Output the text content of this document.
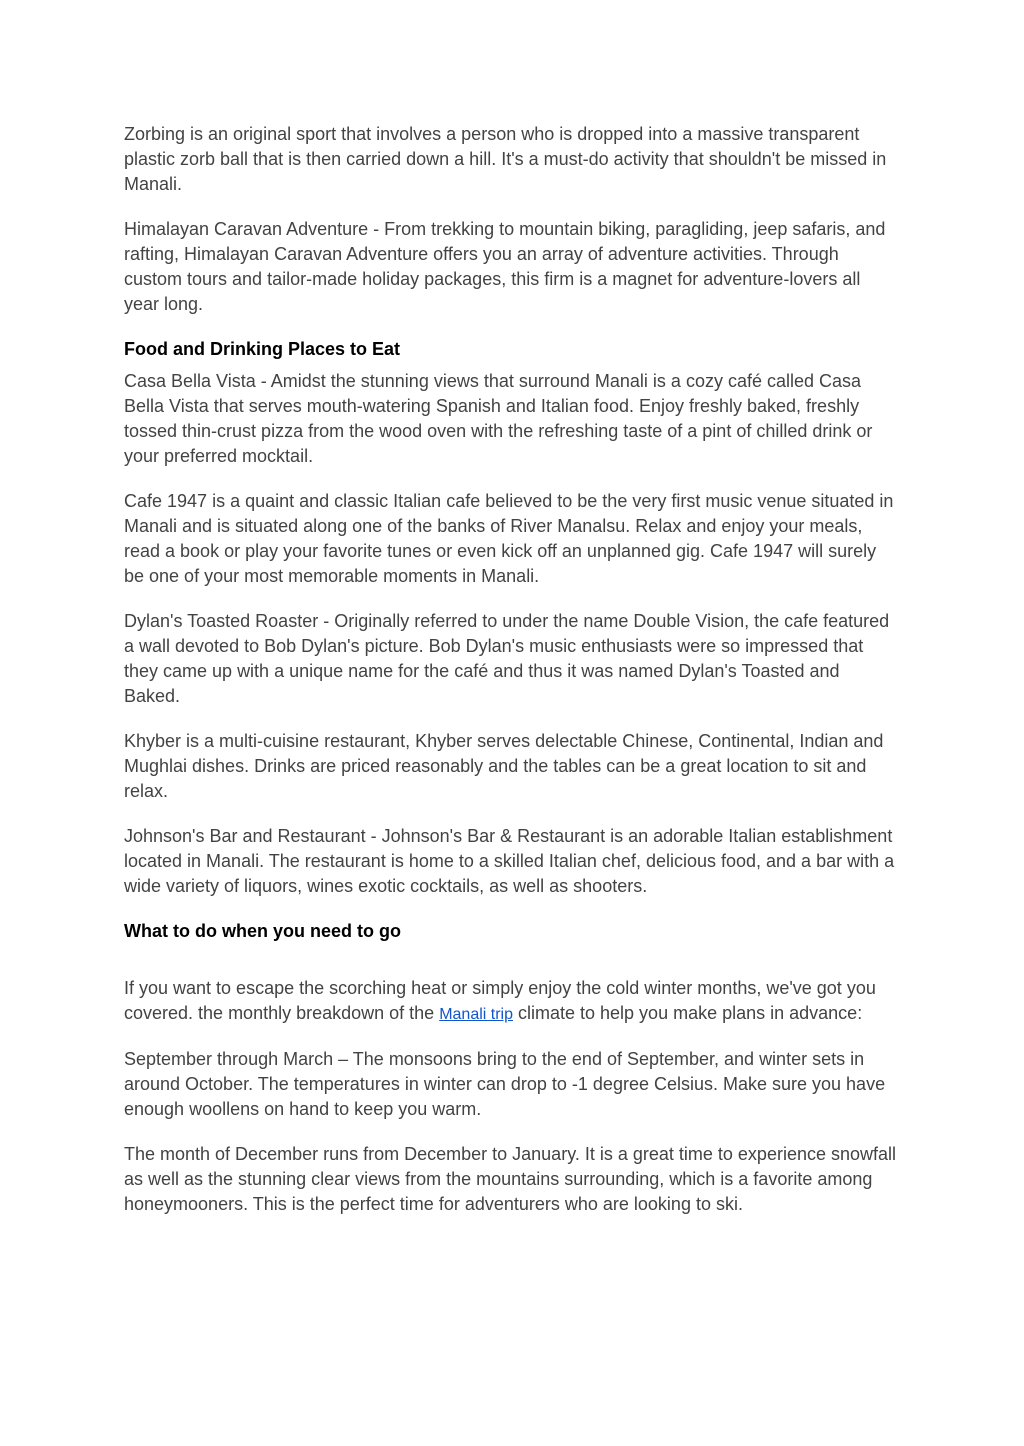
Zorbing is an original sport that involves a person who is dropped into a massive transparent plastic zorb ball that is then carried down a hill. It's a must-do activity that shouldn't be missed in Manali.

Himalayan Caravan Adventure - From trekking to mountain biking, paragliding, jeep safaris, and rafting, Himalayan Caravan Adventure offers you an array of adventure activities. Through custom tours and tailor-made holiday packages, this firm is a magnet for adventure-lovers all year long.

Food and Drinking Places to Eat

Casa Bella Vista - Amidst the stunning views that surround Manali is a cozy café called Casa Bella Vista that serves mouth-watering Spanish and Italian food. Enjoy freshly baked, freshly tossed thin-crust pizza from the wood oven with the refreshing taste of a pint of chilled drink or your preferred mocktail.

Cafe 1947 is a quaint and classic Italian cafe believed to be the very first music venue situated in Manali and is situated along one of the banks of River Manalsu. Relax and enjoy your meals, read a book or play your favorite tunes or even kick off an unplanned gig. Cafe 1947 will surely be one of your most memorable moments in Manali.

Dylan's Toasted Roaster - Originally referred to under the name Double Vision, the cafe featured a wall devoted to Bob Dylan's picture. Bob Dylan's music enthusiasts were so impressed that they came up with a unique name for the café and thus it was named Dylan's Toasted and Baked.

Khyber is a multi-cuisine restaurant, Khyber serves delectable Chinese, Continental, Indian and Mughlai dishes. Drinks are priced reasonably and the tables can be a great location to sit and relax.

Johnson's Bar and Restaurant - Johnson's Bar & Restaurant is an adorable Italian establishment located in Manali. The restaurant is home to a skilled Italian chef, delicious food, and a bar with a wide variety of liquors, wines exotic cocktails, as well as shooters.

What to do when you need to go

If you want to escape the scorching heat or simply enjoy the cold winter months, we've got you covered. the monthly breakdown of the Manali trip climate to help you make plans in advance:

September through March – The monsoons bring to the end of September, and winter sets in around October. The temperatures in winter can drop to -1 degree Celsius. Make sure you have enough woollens on hand to keep you warm.

The month of December runs from December to January. It is a great time to experience snowfall as well as the stunning clear views from the mountains surrounding, which is a favorite among honeymooners. This is the perfect time for adventurers who are looking to ski.
